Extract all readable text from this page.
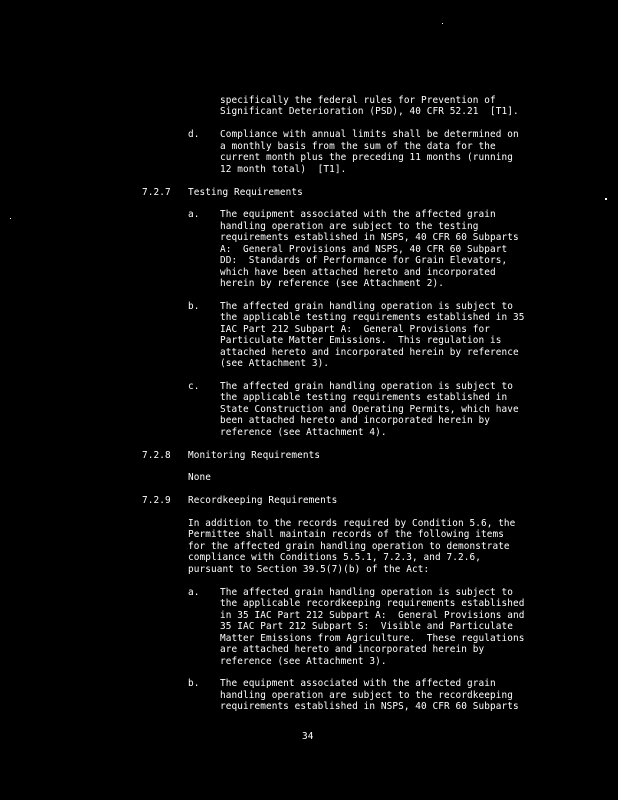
specifically the federal rules for Prevention of
Significant Deterioration (PSD), 40 CFR 52.21  [T1].
d. Compliance with annual limits shall be determined on
a monthly basis from the sum of the data for the
current month plus the preceding 11 months (running
12 month total)  [T1].
7.2.7 Testing Requirements
a. The equipment associated with the affected grain
handling operation are subject to the testing
requirements established in NSPS, 40 CFR 60 Subparts
A:  General Provisions and NSPS, 40 CFR 60 Subpart
DD:  Standards of Performance for Grain Elevators,
which have been attached hereto and incorporated
herein by reference (see Attachment 2).
b. The affected grain handling operation is subject to
the applicable testing requirements established in 35
IAC Part 212 Subpart A:  General Provisions for
Particulate Matter Emissions.  This regulation is
attached hereto and incorporated herein by reference
(see Attachment 3).
c. The affected grain handling operation is subject to
the applicable testing requirements established in
State Construction and Operating Permits, which have
been attached hereto and incorporated herein by
reference (see Attachment 4).
7.2.8 Monitoring Requirements
None
7.2.9 Recordkeeping Requirements
In addition to the records required by Condition 5.6, the
Permittee shall maintain records of the following items
for the affected grain handling operation to demonstrate
compliance with Conditions 5.5.1, 7.2.3, and 7.2.6,
pursuant to Section 39.5(7)(b) of the Act:
a. The affected grain handling operation is subject to
the applicable recordkeeping requirements established
in 35 IAC Part 212 Subpart A:  General Provisions and
35 IAC Part 212 Subpart S:  Visible and Particulate
Matter Emissions from Agriculture.  These regulations
are attached hereto and incorporated herein by
reference (see Attachment 3).
b. The equipment associated with the affected grain
handling operation are subject to the recordkeeping
requirements established in NSPS, 40 CFR 60 Subparts
34
